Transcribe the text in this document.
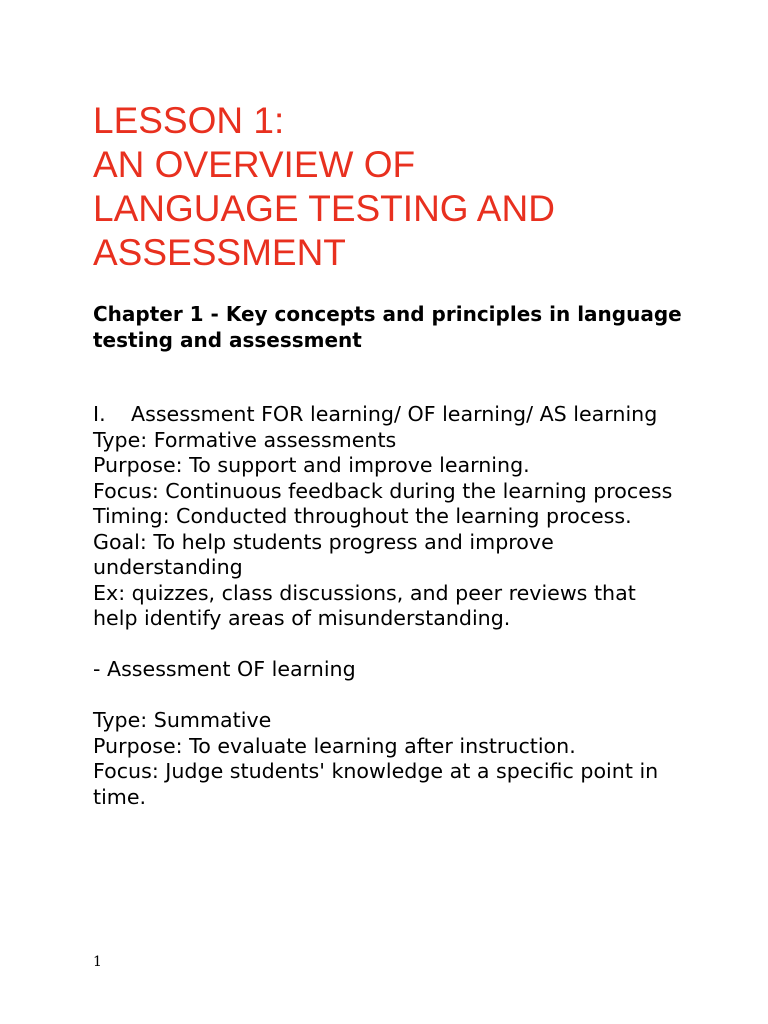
LESSON 1:
AN OVERVIEW OF
LANGUAGE TESTING AND
ASSESSMENT
Chapter 1 - Key concepts and principles in language testing and assessment
I.	Assessment FOR learning/ OF learning/ AS learning
Type: Formative assessments
Purpose: To support and improve learning.
Focus: Continuous feedback during the learning process
Timing: Conducted throughout the learning process.
Goal: To help students progress and improve understanding
Ex: quizzes, class discussions, and peer reviews that help identify areas of misunderstanding.
- Assessment OF learning
Type: Summative
Purpose: To evaluate learning after instruction.
Focus: Judge students' knowledge at a specific point in time.
1
